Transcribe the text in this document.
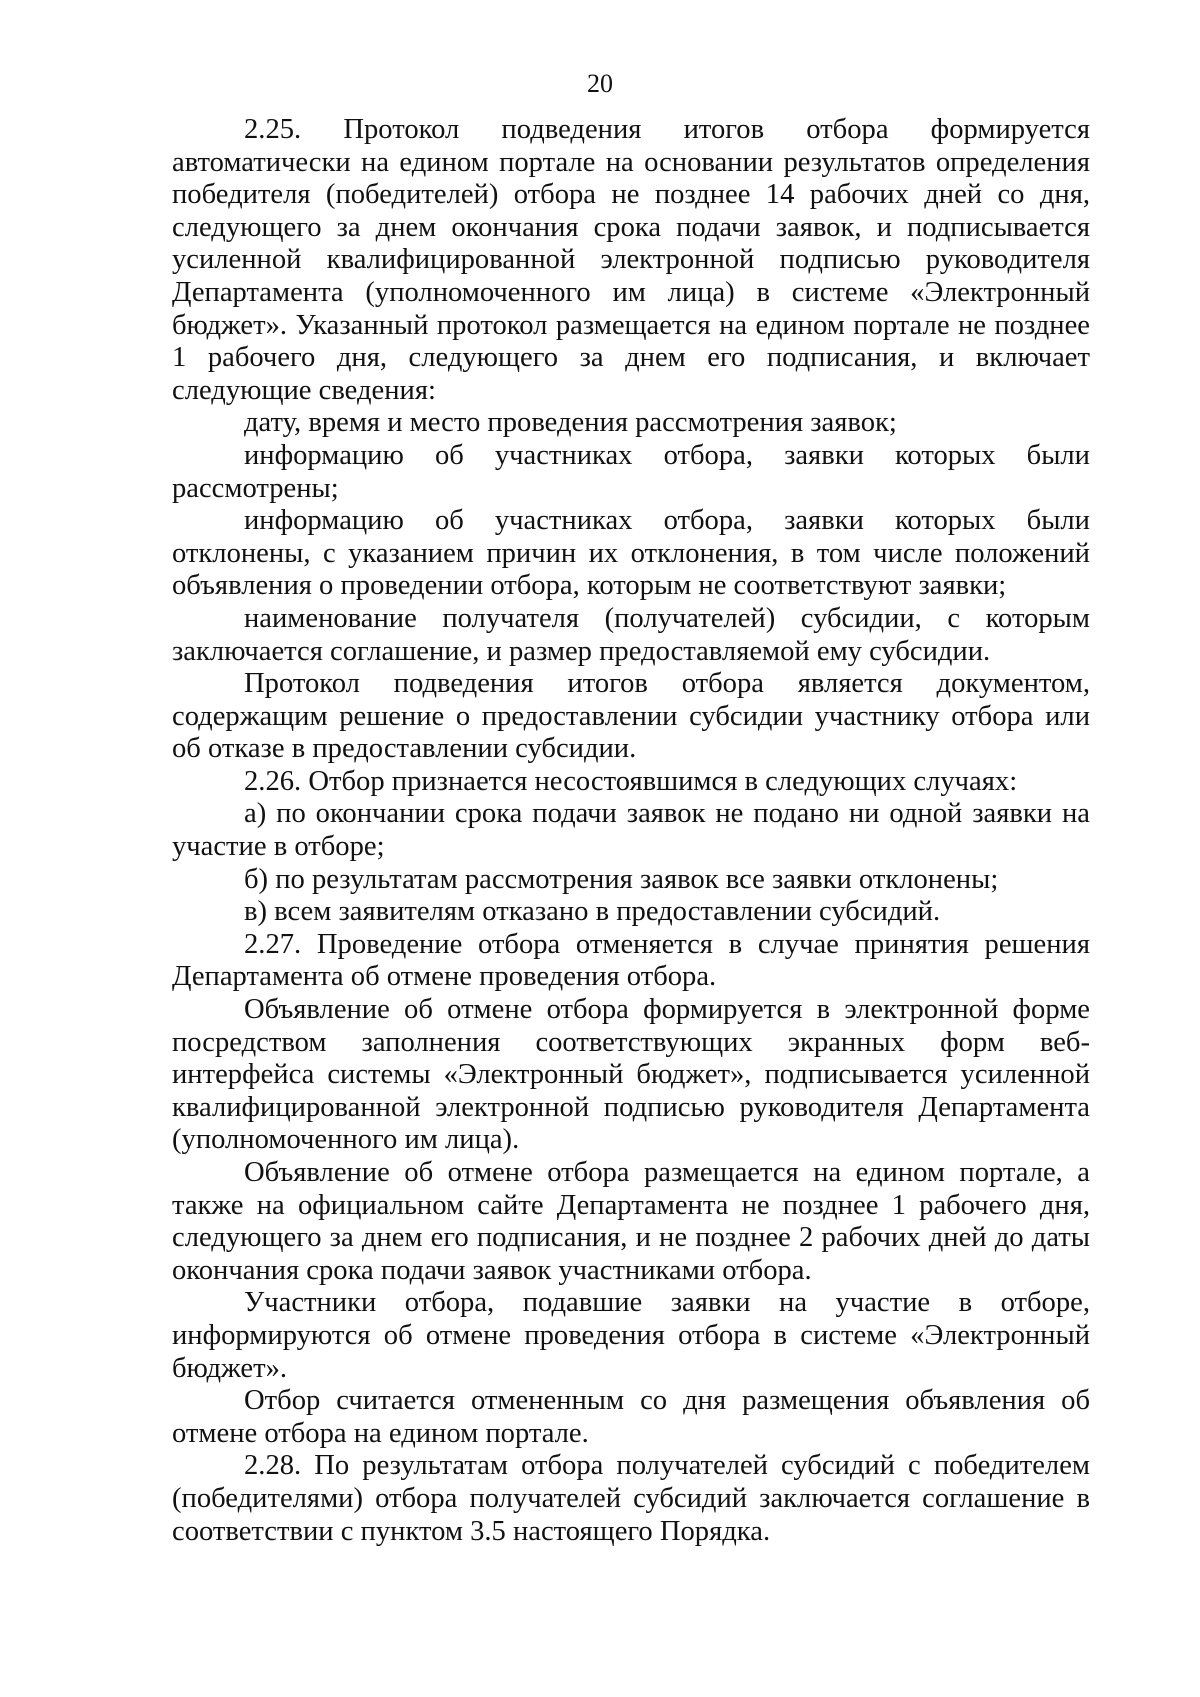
20

2.25. Протокол подведения итогов отбора формируется автоматически на едином портале на основании результатов определения победителя (победителей) отбора не позднее 14 рабочих дней со дня, следующего за днем окончания срока подачи заявок, и подписывается усиленной квалифицированной электронной подписью руководителя Департамента (уполномоченного им лица) в системе «Электронный бюджет». Указанный протокол размещается на едином портале не позднее 1 рабочего дня, следующего за днем его подписания, и включает следующие сведения:

дату, время и место проведения рассмотрения заявок;

информацию об участниках отбора, заявки которых были рассмотрены;

информацию об участниках отбора, заявки которых были отклонены, с указанием причин их отклонения, в том числе положений объявления о проведении отбора, которым не соответствуют заявки;

наименование получателя (получателей) субсидии, с которым заключается соглашение, и размер предоставляемой ему субсидии.

Протокол подведения итогов отбора является документом, содержащим решение о предоставлении субсидии участнику отбора или об отказе в предоставлении субсидии.

2.26. Отбор признается несостоявшимся в следующих случаях:

а) по окончании срока подачи заявок не подано ни одной заявки на участие в отборе;

б) по результатам рассмотрения заявок все заявки отклонены;

в) всем заявителям отказано в предоставлении субсидий.

2.27. Проведение отбора отменяется в случае принятия решения Департамента об отмене проведения отбора.

Объявление об отмене отбора формируется в электронной форме посредством заполнения соответствующих экранных форм веб-интерфейса системы «Электронный бюджет», подписывается усиленной квалифицированной электронной подписью руководителя Департамента (уполномоченного им лица).

Объявление об отмене отбора размещается на едином портале, а также на официальном сайте Департамента не позднее 1 рабочего дня, следующего за днем его подписания, и не позднее 2 рабочих дней до даты окончания срока подачи заявок участниками отбора.

Участники отбора, подавшие заявки на участие в отборе, информируются об отмене проведения отбора в системе «Электронный бюджет».

Отбор считается отмененным со дня размещения объявления об отмене отбора на едином портале.

2.28. По результатам отбора получателей субсидий с победителем (победителями) отбора получателей субсидий заключается соглашение в соответствии с пунктом 3.5 настоящего Порядка.
